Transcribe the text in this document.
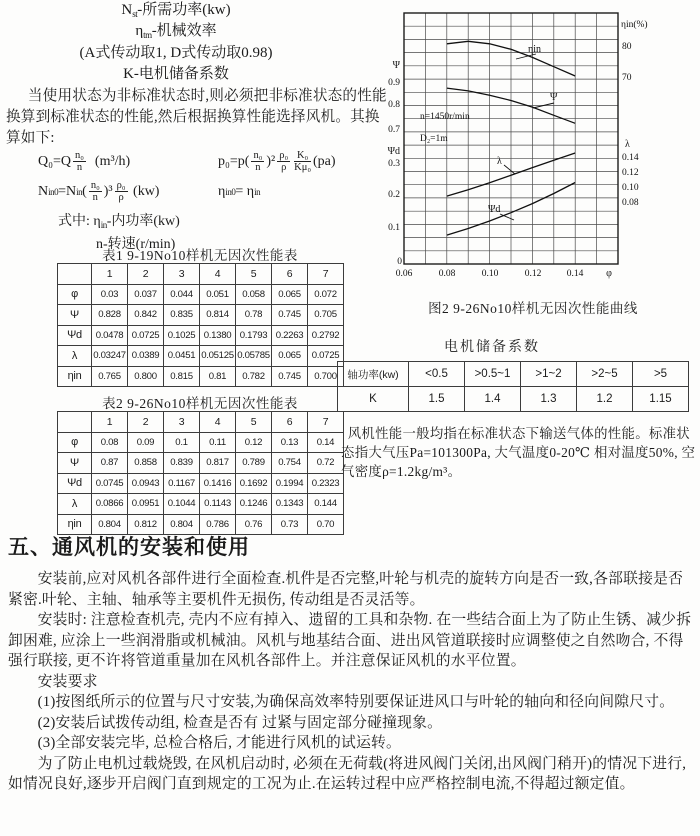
$N_{st}-$所需功率(kw)
$\eta_{tm}-$机械效率
(A式传动取1, D式传动取0.98)
K-电机储备系数
当使用状态为非标准状态时,则必须把非标准状态的性能换算到标准状态的性能,然后根据换算性能选择风机。其换算如下:
$Q_0=Q \frac{\text{n₀}}{n}$
(m³/h)	$p_0=p( \frac{\text{n₀}}{n} )^2 \frac{\text{ρ₀}}{\rho} \frac{\text{K₀}}{\text{Kμ₀}} (pa)$
N in0 =N in ( $\frac{\text{n₀}}{n} )^3 \frac{\text{ρ₀}}{\rho}$
(kw)	η in0 = η in
式中: $\eta_{in}-$内功率(kw)
n-转速(r/min)
表1 9-19No10样机无因次性能表
	1	2	3	4	5	6	7
φ	0.03	0.037	0.044	0.051	0.058	0.065	0.072
Ψ	0.828	0.842	0.835	0.814	0.78	0.745	0.705
Ψd	0.0478	0.0725	0.1025	0.1380	0.1793	0.2263	0.2792
λ	0.03247	0.0389	0.0451	0.05125	0.05785	0.065	0.0725
ηin	0.765	0.800	0.815	0.81	0.782	0.745	0.700
表2 9-26No10样机无因次性能表
	1	2	3	4	5	6	7
φ	0.08	0.09	0.1	0.11	0.12	0.13	0.14
Ψ	0.87	0.858	0.839	0.817	0.789	0.754	0.72
Ψd	0.0745	0.0943	0.1167	0.1416	0.1692	0.1994	0.2323
λ	0.0866	0.0951	0.1044	0.1143	0.1246	0.1343	0.144
ηin	0.804	0.812	0.804	0.786	0.76	0.73	0.70
ηin
Ψ
λ
Ψd
n=1450r/min
D₂=1m
Ψ
0.9
0.8
0.7
Ψd
0.3
0.2
0.1
0
ηin(%)
80
70
λ
0.14
0.12
0.10
0.08
0.06	0.08	0.10	0.12	0.14 φ
图2 9-26No10样机无因次性能曲线
电机储备系数
轴功率(kw)	<0.5	>0.5~1	>1~2	>2~5	>5
K	1.5	1.4	1.3	1.2	1.15
风机性能一般均指在标准状态下输送气体的性能。标准状态指大气压Pa=101300Pa, 大气温度0-20℃ 相对温度50%, 空气密度ρ=1.2kg/m³。
五、通风机的安装和使用

安装前,应对风机各部件进行全面检查.机件是否完整,叶轮与机壳的旋转方向是否一致,各部联接是否紧密.叶轮、主轴、轴承等主要机件无损伤, 传动组是否灵活等。

安装时: 注意检查机壳, 壳内不应有掉入、遗留的工具和杂物. 在一些结合面上为了防止生锈、减少拆卸困难, 应涂上一些润滑脂或机械油。风机与地基结合面、进出风管道联接时应调整使之自然吻合, 不得强行联接, 更不许将管道重量加在风机各部件上。并注意保证风机的水平位置。

安装要求

(1)按图纸所示的位置与尺寸安装,为确保高效率特别要保证进风口与叶轮的轴向和径向间隙尺寸。

(2)安装后试拨传动组, 检查是否有 过紧与固定部分碰撞现象。

(3)全部安装完毕, 总检合格后, 才能进行风机的试运转。

为了防止电机过载烧毁, 在风机启动时, 必须在无荷载(将进风阀门关闭,出风阀门稍开)的情况下进行,如情况良好,逐步开启阀门直到规定的工况为止.在运转过程中应严格控制电流,不得超过额定值。
